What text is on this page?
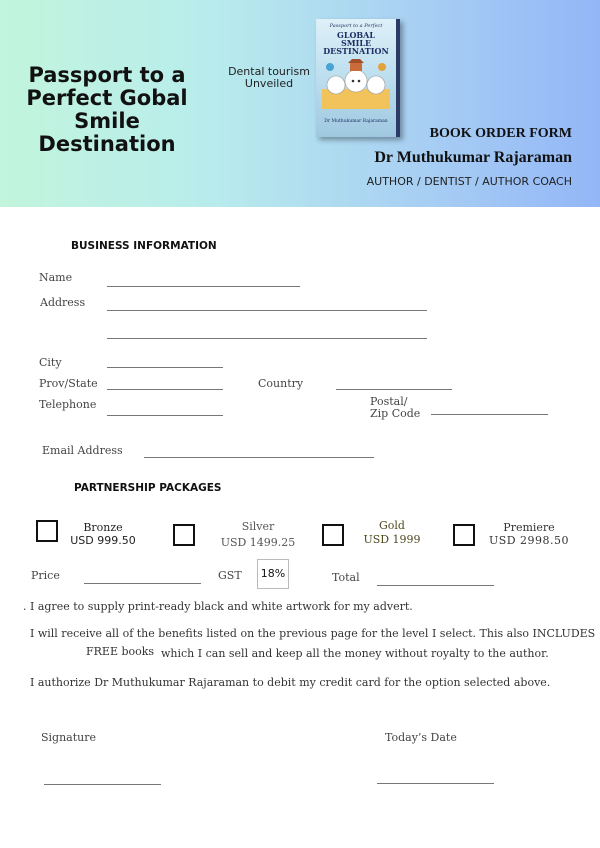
Passport to a Perfect Gobal Smile Destination
Dental tourism Unveiled
Passport to a Perfect
GLOBAL
SMILE
DESTINATION
Dr Muthukumar Rajaraman
BOOK ORDER FORM
Dr Muthukumar Rajaraman
AUTHOR / DENTIST / AUTHOR COACH
BUSINESS INFORMATION
Name
Address
City
Prov/State	Country
Telephone	Postal/
Zip Code
Email Address
PARTNERSHIP PACKAGES
Bronze
USD 999.50
Silver
USD 1499.25
Gold
USD 1999
Premiere
USD 2998.50
Price	GST	18%	Total
. I agree to supply print-ready black and white artwork for my advert.
I will receive all of the benefits listed on the previous page for the level I select. This also INCLUDES
FREE books which I can sell and keep all the money without royalty to the author.
I authorize Dr Muthukumar Rajaraman to debit my credit card for the option selected above.
Signature	Today’s Date
